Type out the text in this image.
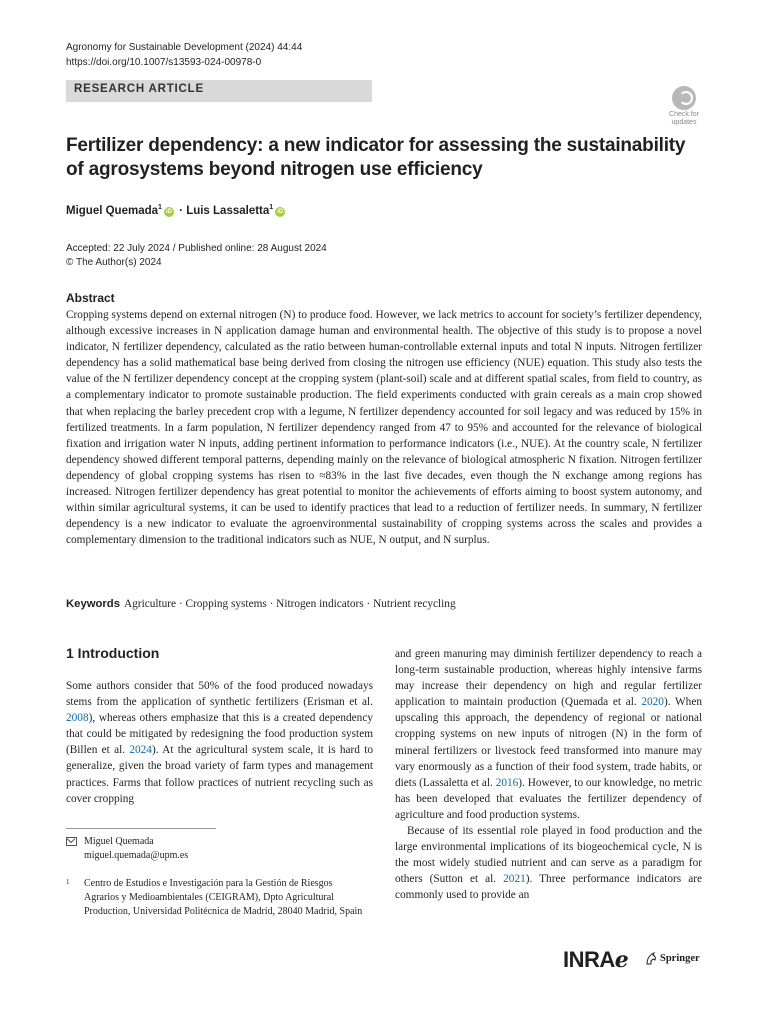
Agronomy for Sustainable Development (2024) 44:44
https://doi.org/10.1007/s13593-024-00978-0
RESEARCH ARTICLE
Check for
updates
Fertilizer dependency: a new indicator for assessing the sustainability of agrosystems beyond nitrogen use efficiency
Miguel Quemada$^1$iD · Luis Lassaletta$^1$iD
Accepted: 22 July 2024 / Published online: 28 August 2024
© The Author(s) 2024
Abstract

Cropping systems depend on external nitrogen (N) to produce food. However, we lack metrics to account for society’s fertilizer dependency, although excessive increases in N application damage human and environmental health. The objective of this study is to propose a novel indicator, N fertilizer dependency, calculated as the ratio between human-controllable external inputs and total N inputs. Nitrogen fertilizer dependency has a solid mathematical base being derived from closing the nitrogen use efficiency (NUE) equation. This study also tests the value of the N fertilizer dependency concept at the cropping system (plant-soil) scale and at different spatial scales, from field to country, as a complementary indicator to promote sustainable production. The field experiments conducted with grain cereals as a main crop showed that when replacing the barley precedent crop with a legume, N fertilizer dependency accounted for soil legacy and was reduced by 15% in fertilized treatments. In a farm population, N fertilizer dependency ranged from 47 to 95% and accounted for the relevance of biological fixation and irrigation water N inputs, adding pertinent information to performance indicators (i.e., NUE). At the country scale, N fertilizer dependency showed different temporal patterns, depending mainly on the relevance of biological atmospheric N fixation. Nitrogen fertilizer dependency of global cropping systems has risen to ≈83% in the last five decades, even though the N exchange among regions has increased. Nitrogen fertilizer dependency has great potential to monitor the achievements of efforts aiming to boost system autonomy, and within similar agricultural systems, it can be used to identify practices that lead to a reduction of fertilizer needs. In summary, N fertilizer dependency is a new indicator to evaluate the agroenvironmental sustainability of cropping systems across the scales and provides a complementary dimension to the traditional indicators such as NUE, N output, and N surplus.

Keywords Agriculture · Cropping systems · Nitrogen indicators · Nutrient recycling
1 Introduction

Some authors consider that 50% of the food produced nowadays stems from the application of synthetic fertilizers (Erisman et al. 2008), whereas others emphasize that this is a created dependency that could be mitigated by redesigning the food production system (Billen et al. 2024). At the agricultural system scale, it is hard to generalize, given the broad variety of farm types and management practices. Farms that follow practices of nutrient recycling such as cover cropping

and green manuring may diminish fertilizer dependency to reach a long-term sustainable production, whereas highly intensive farms may increase their dependency on high and regular fertilizer application to maintain production (Quemada et al. 2020). When upscaling this approach, the dependency of regional or national cropping systems on new inputs of nitrogen (N) in the form of mineral fertilizers or livestock feed transformed into manure may vary enormously as a function of their food system, trade habits, or diets (Lassaletta et al. 2016). However, to our knowledge, no metric has been developed that evaluates the fertilizer dependency of agriculture and food production systems.

Because of its essential role played in food production and the large environmental implications of its biogeochemical cycle, N is the most widely studied nutrient and can serve as a paradigm for others (Sutton et al. 2021). Three performance indicators are commonly used to provide an

Miguel Quemada
miguel.quemada@upm.es
1 Centro de Estudios e Investigación para la Gestión de Riesgos Agrarios y Medioambientales (CEIGRAM), Dpto Agricultural Production, Universidad Politécnica de Madrid, 28040 Madrid, Spain
INRAℯ	Springer
